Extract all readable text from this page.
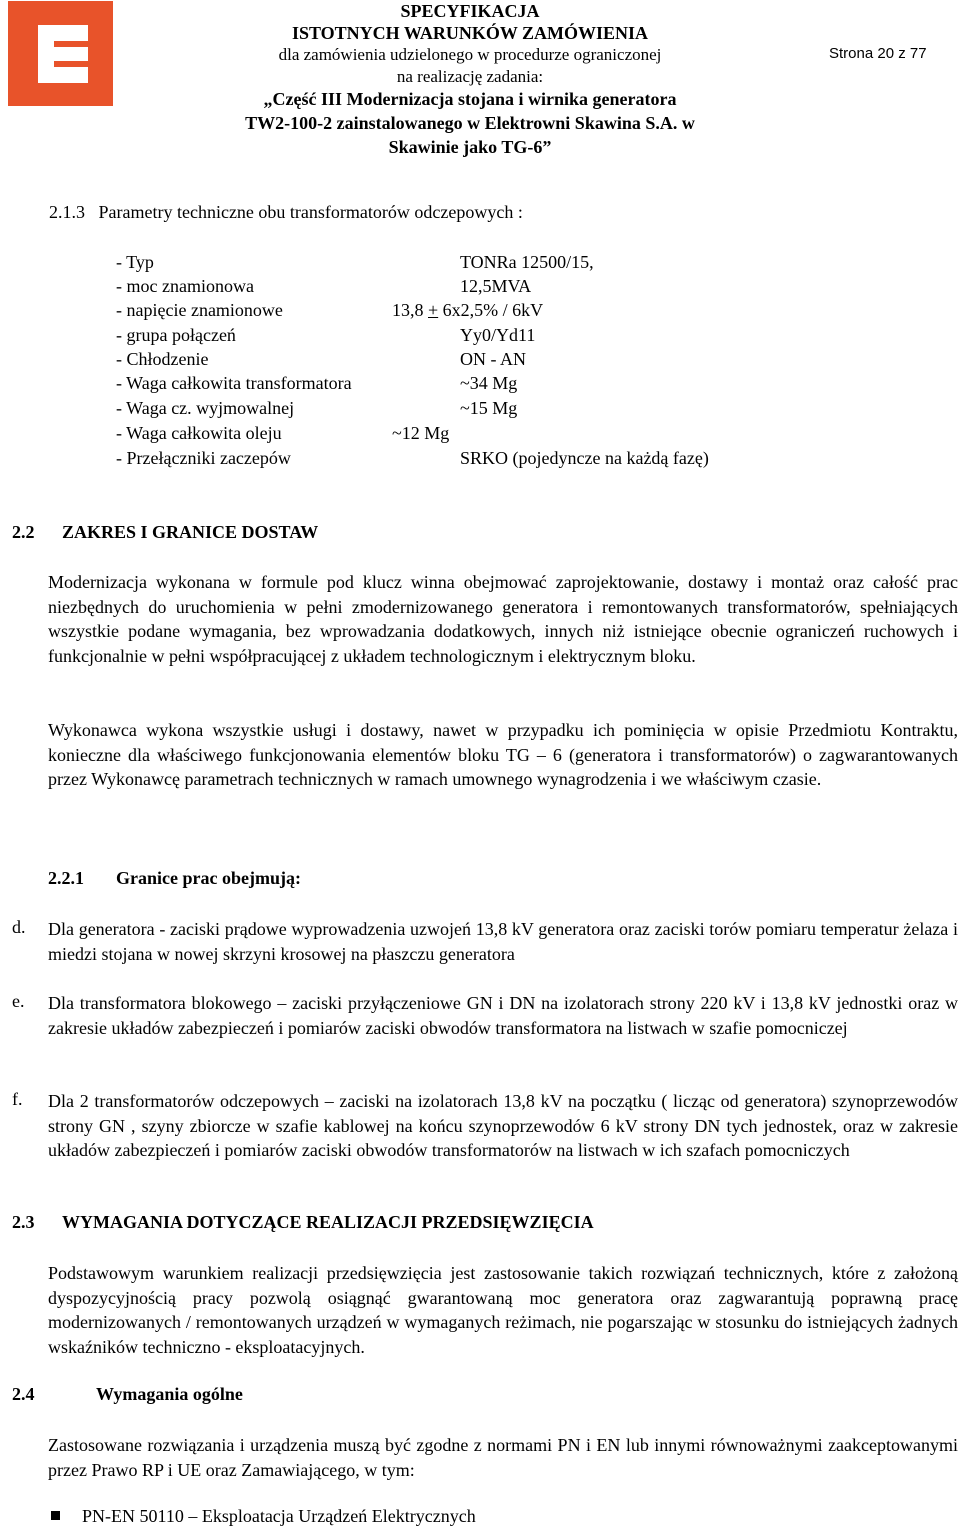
SPECYFIKACJA
ISTOTNYCH WARUNKÓW ZAMÓWIENIA
dla zamówienia udzielonego w procedurze ograniczonej
na realizację zadania:
„Część III Modernizacja stojana i wirnika generatora
TW2-100-2 zainstalowanego w Elektrowni Skawina S.A. w
Skawinie jako TG-6”
Strona 20 z 77
2.1.3   Parametry techniczne obu transformatorów odczepowych :
- Typ	TONRa 12500/15,
- moc znamionowa	12,5MVA
- napięcie znamionowe	13,8 + 6x2,5% / 6kV
- grupa połączeń	Yy0/Yd11
- Chłodzenie	ON - AN
- Waga całkowita transformatora	~34 Mg
- Waga cz. wyjmowalnej	~15 Mg
- Waga całkowita oleju	~12 Mg
- Przełączniki zaczepów	SRKO (pojedyncze na każdą fazę)
2.2 ZAKRES I GRANICE DOSTAW
Modernizacja wykonana w formule pod klucz winna obejmować zaprojektowanie, dostawy i montaż oraz całość prac niezbędnych do uruchomienia w pełni zmodernizowanego generatora i remontowanych transformatorów, spełniających wszystkie podane wymagania, bez wprowadzania dodatkowych, innych niż istniejące obecnie ograniczeń ruchowych i funkcjonalnie w pełni współpracującej z układem technologicznym i elektrycznym bloku.
Wykonawca wykona wszystkie usługi i dostawy, nawet w przypadku ich pominięcia w opisie Przedmiotu Kontraktu, konieczne dla właściwego funkcjonowania elementów bloku TG – 6 (generatora i transformatorów) o zagwarantowanych przez Wykonawcę parametrach technicznych w ramach umownego wynagrodzenia i we właściwym czasie.
2.2.1 Granice prac obejmują:
d. Dla generatora - zaciski prądowe wyprowadzenia uzwojeń 13,8 kV generatora oraz zaciski torów pomiaru temperatur żelaza i miedzi stojana w nowej skrzyni krosowej na płaszczu generatora
e. Dla transformatora blokowego – zaciski przyłączeniowe GN i DN na izolatorach strony 220 kV i 13,8 kV jednostki oraz w zakresie układów zabezpieczeń i pomiarów zaciski obwodów transformatora na listwach w szafie pomocniczej
f. Dla 2 transformatorów odczepowych – zaciski na izolatorach 13,8 kV na początku ( licząc od generatora) szynoprzewodów strony GN , szyny zbiorcze w szafie kablowej na końcu szynoprzewodów 6 kV strony DN tych jednostek, oraz w zakresie układów zabezpieczeń i pomiarów zaciski obwodów transformatorów na listwach w ich szafach pomocniczych
2.3 WYMAGANIA DOTYCZĄCE REALIZACJI PRZEDSIĘWZIĘCIA
Podstawowym warunkiem realizacji przedsięwzięcia jest zastosowanie takich rozwiązań technicznych, które z założoną dyspozycyjnością pracy pozwolą osiągnąć gwarantowaną moc generatora oraz zagwarantują poprawną pracę modernizowanych / remontowanych urządzeń w wymaganych reżimach, nie pogarszając w stosunku do istniejących żadnych wskaźników techniczno - eksploatacyjnych.
2.4	Wymagania ogólne
Zastosowane rozwiązania i urządzenia muszą być zgodne z normami PN i EN lub innymi równoważnymi zaakceptowanymi przez Prawo RP i UE oraz Zamawiającego, w tym:
PN-EN 50110 – Eksploatacja Urządzeń Elektrycznych
